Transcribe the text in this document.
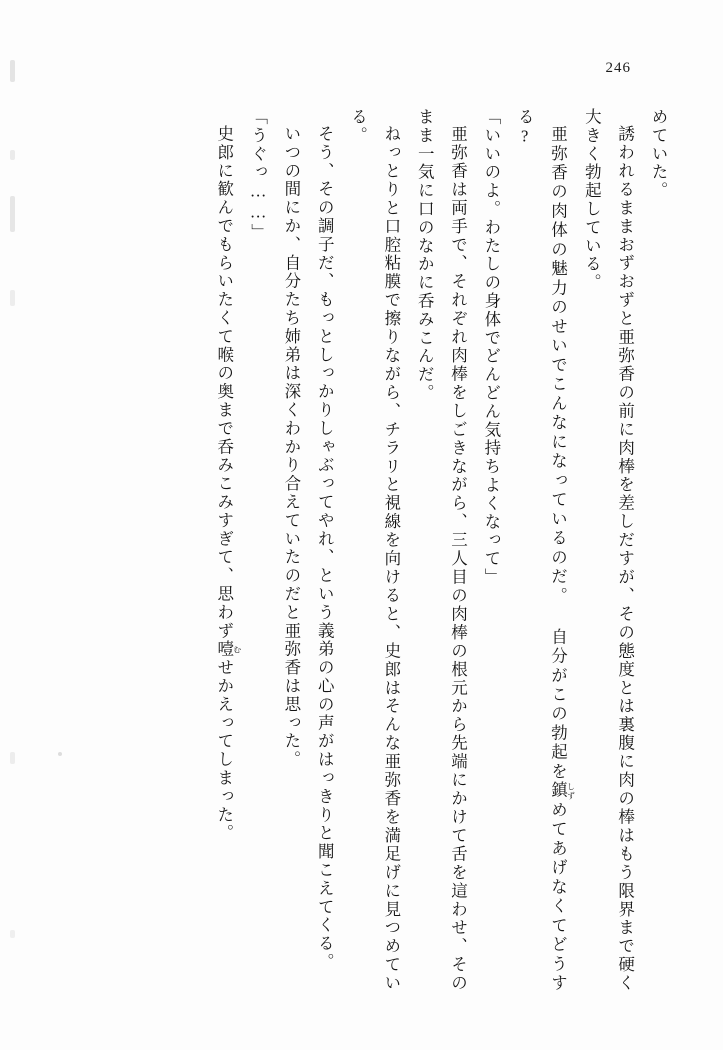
246

めていた。

誘われるままおずおずと亜弥香の前に肉棒を差しだすが、その態度とは裏腹に肉の棒はもう限界まで硬く大きく勃起している。

亜弥香の肉体の魅力のせいでこんなになっているのだ。 自分がこの勃起を鎮 しずめてあげなくてどうする?

「いいのよ。わたしの身体でどんどん気持ちよくなって」

亜弥香は両手で、それぞれ肉棒をしごきながら、三人目の肉棒の根元から先端にかけて舌を這わせ、そのまま一気に口のなかに呑みこんだ。

ねっとりと口腔粘膜で擦りながら、チラリと視線を向けると、史郎はそんな亜弥香を満足げに見つめている。

そう、その調子だ、もっとしっかりしゃぶってやれ、という義弟の心の声がはっきりと聞こえてくる。

いつの間にか、自分たち姉弟は深くわかり合えていたのだと亜弥香は思った。

「うぐっ……」

史郎に歓んでもらいたくて喉の奥まで呑みこみすぎて、思わず噎 むせかえってしまった。
